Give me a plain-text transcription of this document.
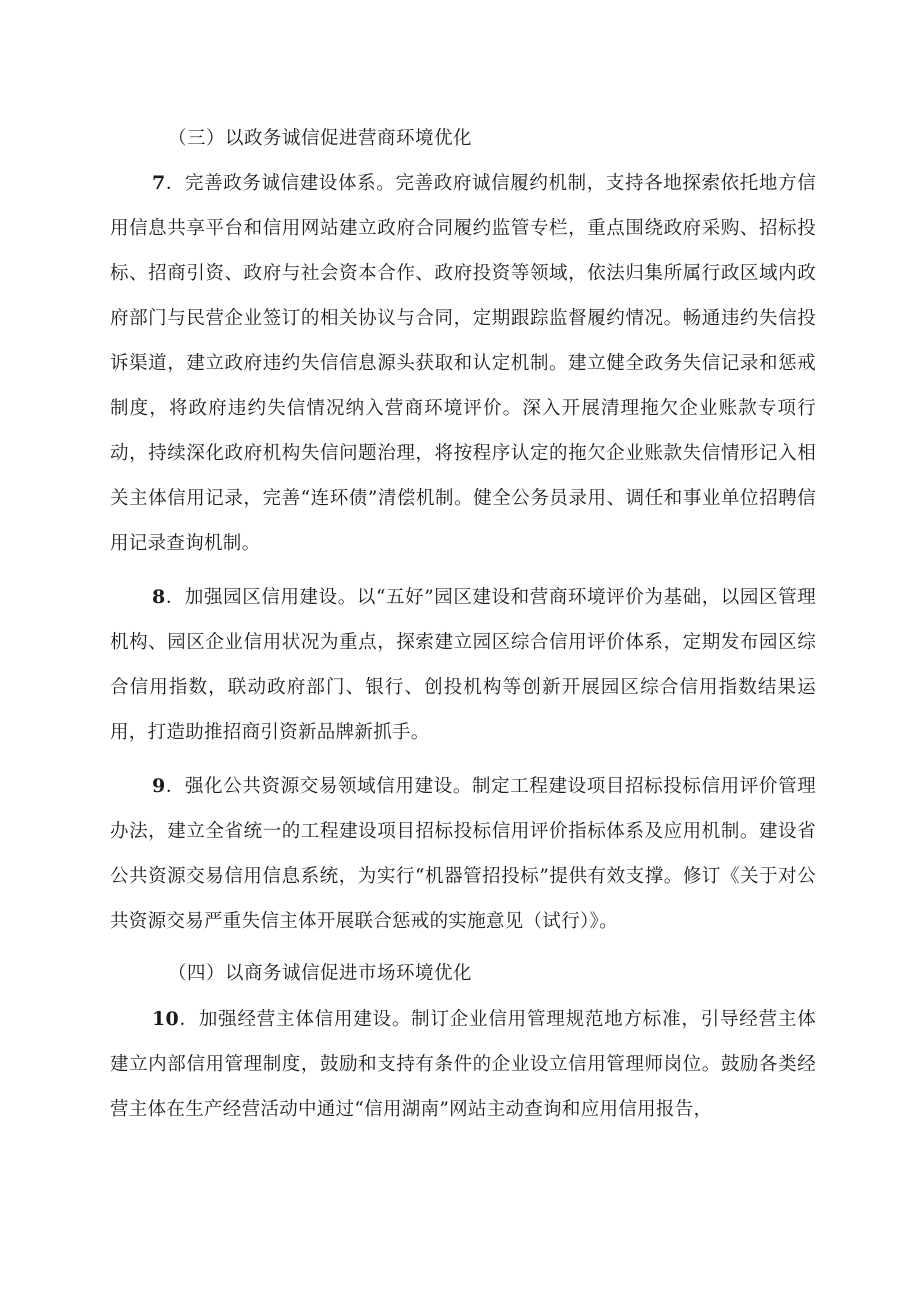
（三）以政务诚信促进营商环境优化

7．完善政务诚信建设体系。完善政府诚信履约机制，支持各地探索依托地方信用信息共享平台和信用网站建立政府合同履约监管专栏，重点围绕政府采购、招标投标、招商引资、政府与社会资本合作、政府投资等领域，依法归集所属行政区域内政府部门与民营企业签订的相关协议与合同，定期跟踪监督履约情况。畅通违约失信投诉渠道，建立政府违约失信信息源头获取和认定机制。建立健全政务失信记录和惩戒制度，将政府违约失信情况纳入营商环境评价。深入开展清理拖欠企业账款专项行动，持续深化政府机构失信问题治理，将按程序认定的拖欠企业账款失信情形记入相关主体信用记录，完善“连环债”清偿机制。健全公务员录用、调任和事业单位招聘信用记录查询机制。

8．加强园区信用建设。以“五好”园区建设和营商环境评价为基础，以园区管理机构、园区企业信用状况为重点，探索建立园区综合信用评价体系，定期发布园区综合信用指数，联动政府部门、银行、创投机构等创新开展园区综合信用指数结果运用，打造助推招商引资新品牌新抓手。

9．强化公共资源交易领域信用建设。制定工程建设项目招标投标信用评价管理办法，建立全省统一的工程建设项目招标投标信用评价指标体系及应用机制。建设省公共资源交易信用信息系统，为实行“机器管招投标”提供有效支撑。修订《关于对公共资源交易严重失信主体开展联合惩戒的实施意见（试行）》。

（四）以商务诚信促进市场环境优化

10．加强经营主体信用建设。制订企业信用管理规范地方标准，引导经营主体建立内部信用管理制度，鼓励和支持有条件的企业设立信用管理师岗位。鼓励各类经营主体在生产经营活动中通过“信用湖南”网站主动查询和应用信用报告，
